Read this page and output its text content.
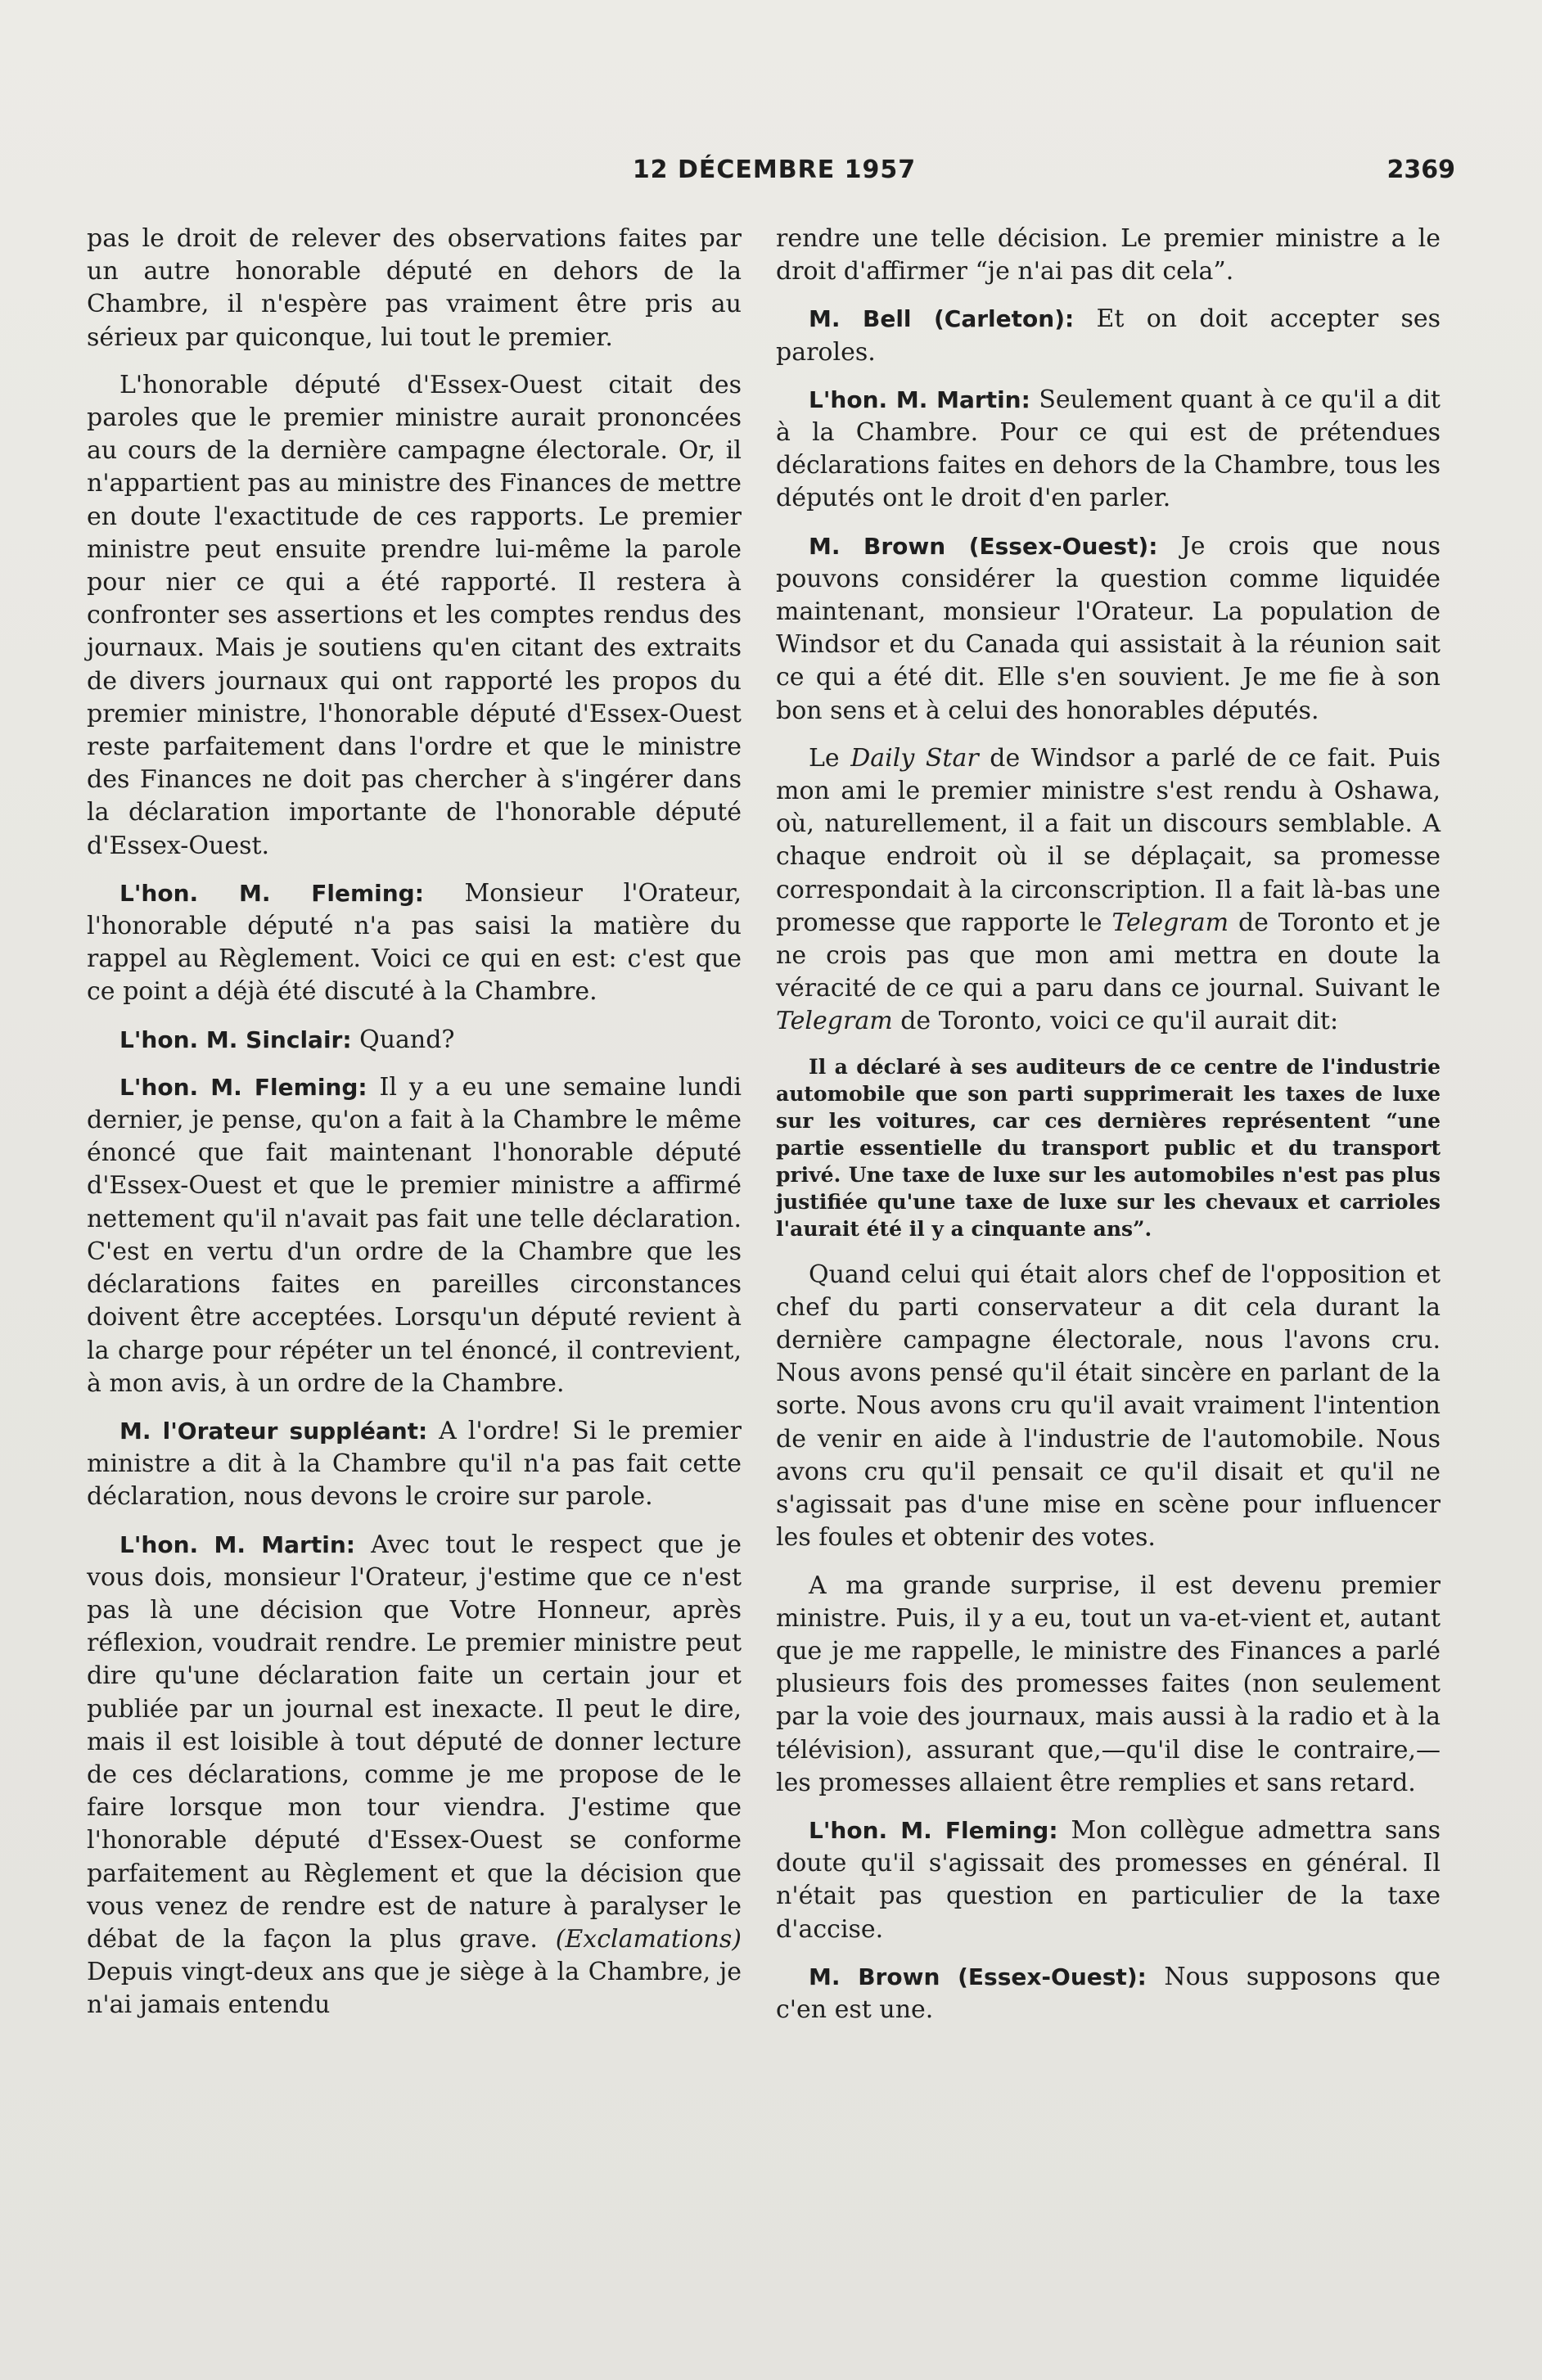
12 DÉCEMBRE 1957	2369

pas le droit de relever des observations faites par un autre honorable député en dehors de la Chambre, il n'espère pas vraiment être pris au sérieux par quiconque, lui tout le premier.

L'honorable député d'Essex-Ouest citait des paroles que le premier ministre aurait prononcées au cours de la dernière campagne électorale. Or, il n'appartient pas au ministre des Finances de mettre en doute l'exactitude de ces rapports. Le premier ministre peut ensuite prendre lui-même la parole pour nier ce qui a été rapporté. Il restera à confronter ses assertions et les comptes rendus des journaux. Mais je soutiens qu'en citant des extraits de divers journaux qui ont rapporté les propos du premier ministre, l'honorable député d'Essex-Ouest reste parfaitement dans l'ordre et que le ministre des Finances ne doit pas chercher à s'ingérer dans la déclaration importante de l'honorable député d'Essex-Ouest.

L'hon. M. Fleming: Monsieur l'Orateur, l'honorable député n'a pas saisi la matière du rappel au Règlement. Voici ce qui en est: c'est que ce point a déjà été discuté à la Chambre.

L'hon. M. Sinclair: Quand?

L'hon. M. Fleming: Il y a eu une semaine lundi dernier, je pense, qu'on a fait à la Chambre le même énoncé que fait maintenant l'honorable député d'Essex-Ouest et que le premier ministre a affirmé nettement qu'il n'avait pas fait une telle déclaration. C'est en vertu d'un ordre de la Chambre que les déclarations faites en pareilles circonstances doivent être acceptées. Lorsqu'un député revient à la charge pour répéter un tel énoncé, il contrevient, à mon avis, à un ordre de la Chambre.

M. l'Orateur suppléant: A l'ordre! Si le premier ministre a dit à la Chambre qu'il n'a pas fait cette déclaration, nous devons le croire sur parole.

L'hon. M. Martin: Avec tout le respect que je vous dois, monsieur l'Orateur, j'estime que ce n'est pas là une décision que Votre Honneur, après réflexion, voudrait rendre. Le premier ministre peut dire qu'une déclaration faite un certain jour et publiée par un journal est inexacte. Il peut le dire, mais il est loisible à tout député de donner lecture de ces déclarations, comme je me propose de le faire lorsque mon tour viendra. J'estime que l'honorable député d'Essex-Ouest se conforme parfaitement au Règlement et que la décision que vous venez de rendre est de nature à paralyser le débat de la façon la plus grave. (Exclamations) Depuis vingt-deux ans que je siège à la Chambre, je n'ai jamais entendu

rendre une telle décision. Le premier ministre a le droit d'affirmer “je n'ai pas dit cela”.

M. Bell (Carleton): Et on doit accepter ses paroles.

L'hon. M. Martin: Seulement quant à ce qu'il a dit à la Chambre. Pour ce qui est de prétendues déclarations faites en dehors de la Chambre, tous les députés ont le droit d'en parler.

M. Brown (Essex-Ouest): Je crois que nous pouvons considérer la question comme liquidée maintenant, monsieur l'Orateur. La population de Windsor et du Canada qui assistait à la réunion sait ce qui a été dit. Elle s'en souvient. Je me fie à son bon sens et à celui des honorables députés.

Le Daily Star de Windsor a parlé de ce fait. Puis mon ami le premier ministre s'est rendu à Oshawa, où, naturellement, il a fait un discours semblable. A chaque endroit où il se déplaçait, sa promesse correspondait à la circonscription. Il a fait là-bas une promesse que rapporte le Telegram de Toronto et je ne crois pas que mon ami mettra en doute la véracité de ce qui a paru dans ce journal. Suivant le Telegram de Toronto, voici ce qu'il aurait dit:

Il a déclaré à ses auditeurs de ce centre de l'industrie automobile que son parti supprimerait les taxes de luxe sur les voitures, car ces dernières représentent “une partie essentielle du transport public et du transport privé. Une taxe de luxe sur les automobiles n'est pas plus justifiée qu'une taxe de luxe sur les chevaux et carrioles l'aurait été il y a cinquante ans”.

Quand celui qui était alors chef de l'opposition et chef du parti conservateur a dit cela durant la dernière campagne électorale, nous l'avons cru. Nous avons pensé qu'il était sincère en parlant de la sorte. Nous avons cru qu'il avait vraiment l'intention de venir en aide à l'industrie de l'automobile. Nous avons cru qu'il pensait ce qu'il disait et qu'il ne s'agissait pas d'une mise en scène pour influencer les foules et obtenir des votes.

A ma grande surprise, il est devenu premier ministre. Puis, il y a eu, tout un va-et-vient et, autant que je me rappelle, le ministre des Finances a parlé plusieurs fois des promesses faites (non seulement par la voie des journaux, mais aussi à la radio et à la télévision), assurant que,—qu'il dise le contraire,—les promesses allaient être remplies et sans retard.

L'hon. M. Fleming: Mon collègue admettra sans doute qu'il s'agissait des promesses en général. Il n'était pas question en particulier de la taxe d'accise.

M. Brown (Essex-Ouest): Nous supposons que c'en est une.
